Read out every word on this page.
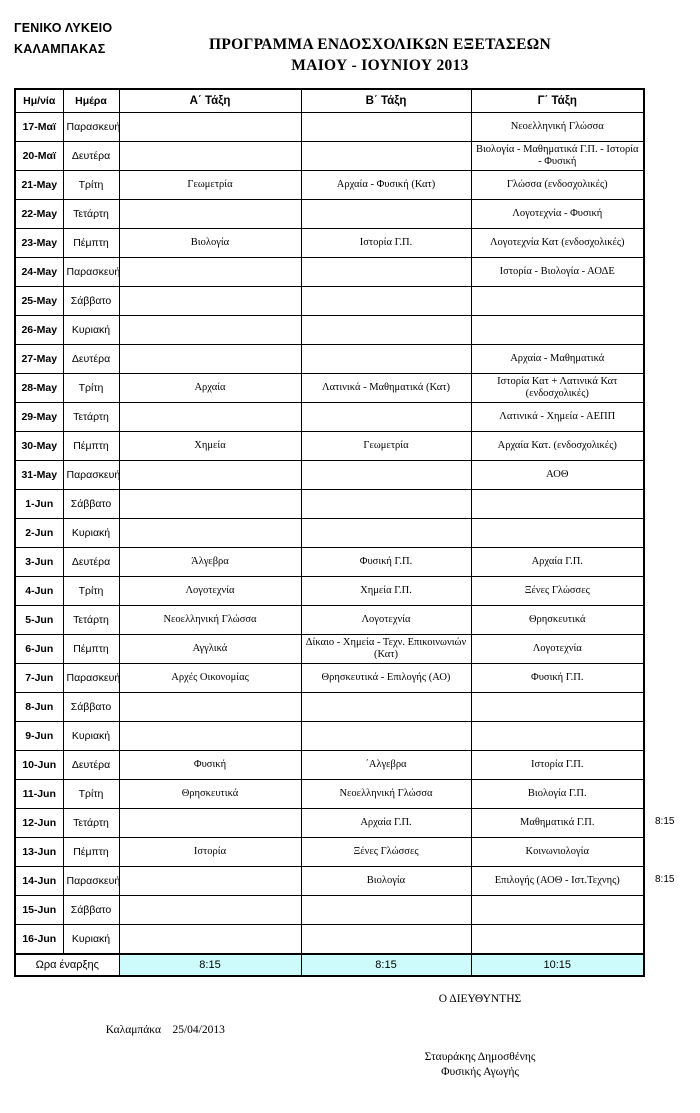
ΓΕΝΙΚΟ ΛΥΚΕΙΟ
ΚΑΛΑΜΠΑΚΑΣ	ΠΡΟΓΡΑΜΜΑ ΕΝΔΟΣΧΟΛΙΚΩΝ ΕΞΕΤΑΣΕΩΝ
ΜΑΙΟΥ - ΙΟΥΝΙΟΥ 2013
Ημ/νία	Ημέρα	Α΄ Τάξη	Β΄ Τάξη	Γ΄ Τάξη
17-Μαϊ	Παρασκευή			Νεοελληνική Γλώσσα
20-Μαϊ	Δευτέρα			Βιολογία - Μαθηματικά Γ.Π. - Ιστορία - Φυσική
21-May	Τρίτη	Γεωμετρία	Αρχαία - Φυσική (Κατ)	Γλώσσα (ενδοσχολικές)
22-May	Τετάρτη			Λογοτεχνία - Φυσική
23-May	Πέμπτη	Βιολογία	Ιστορία Γ.Π.	Λογοτεχνία Κατ (ενδοσχολικές)
24-May	Παρασκευή			Ιστορία - Βιολογία - ΑΟΔΕ
25-May	Σάββατο			
26-May	Κυριακή			
27-May	Δευτέρα			Αρχαία - Μαθηματικά
28-May	Τρίτη	Αρχαία	Λατινικά - Μαθηματικά (Κατ)	Ιστορία Κατ + Λατινικά Κατ (ενδοσχολικές)
29-May	Τετάρτη			Λατινικά - Χημεία - ΑΕΠΠ
30-May	Πέμπτη	Χημεία	Γεωμετρία	Αρχαία Κατ. (ενδοσχολικές)
31-May	Παρασκευή			ΑΟΘ
1-Jun	Σάββατο			
2-Jun	Κυριακή			
3-Jun	Δευτέρα	Άλγεβρα	Φυσική Γ.Π.	Αρχαία Γ.Π.
4-Jun	Τρίτη	Λογοτεχνία	Χημεία Γ.Π.	Ξένες Γλώσσες
5-Jun	Τετάρτη	Νεοελληνική Γλώσσα	Λογοτεχνία	Θρησκευτικά
6-Jun	Πέμπτη	Αγγλικά	Δίκαιο - Χημεία - Τεχν. Επικοινωνιών (Κατ)	Λογοτεχνία
7-Jun	Παρασκευή	Αρχές Οικονομίας	Θρησκευτικά - Επιλογής (ΑΟ)	Φυσική Γ.Π.
8-Jun	Σάββατο			
9-Jun	Κυριακή			
10-Jun	Δευτέρα	Φυσική	΄Αλγεβρα	Ιστορία Γ.Π.
11-Jun	Τρίτη	Θρησκευτικά	Νεοελληνική Γλώσσα	Βιολογία Γ.Π.
12-Jun	Τετάρτη		Αρχαία Γ.Π.	Μαθηματικά Γ.Π.
13-Jun	Πέμπτη	Ιστορία	Ξένες Γλώσσες	Κοινωνιολογία
14-Jun	Παρασκευή		Βιολογία	Επιλογής (ΑΟΘ - Ιστ.Τεχνης)
15-Jun	Σάββατο			
16-Jun	Κυριακή			
Ωρα έναρξης		8:15	8:15	10:15
8:15
8:15
Ο ΔΙΕΥΘΥΝΤΗΣ

Καλαμπάκα 25/04/2013

Σταυράκης Δημοσθένης
Φυσικής Αγωγής
